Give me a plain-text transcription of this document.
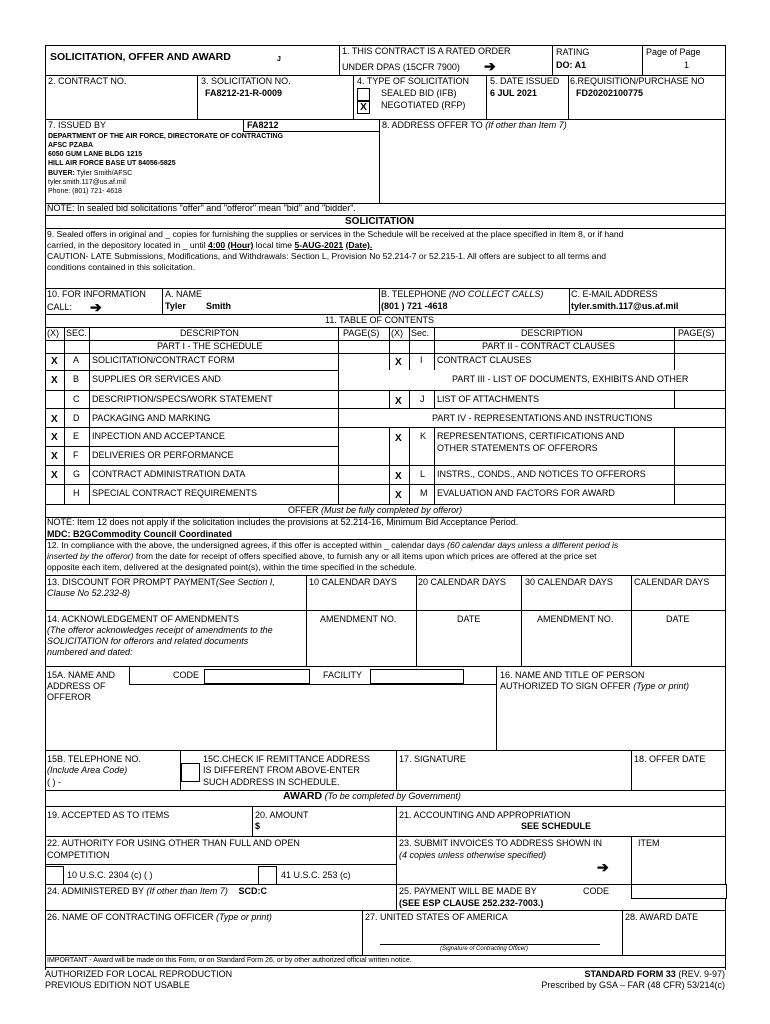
SOLICITATION, OFFER AND AWARD	J
1. THIS CONTRACT IS A RATED ORDER
UNDER DPAS (15CFR 7900) ➔
RATING
DO: A1
Page of Page
1
2. CONTRACT NO.	3. SOLICITATION NO.
FA8212-21-R-0009
4. TYPE OF SOLICITATION
SEALED BID (IFB)
X	NEGOTIATED (RFP)
5. DATE ISSUED
6 JUL 2021
6.REQUISITION/PURCHASE NO
FD20202100775
7. ISSUED BY	FA8212
DEPARTMENT OF THE AIR FORCE, DIRECTORATE OF CONTRACTING
AFSC PZABA
6050 GUM LANE BLDG 1215
HILL AIR FORCE BASE UT 84056-5825
BUYER: Tyler Smith/AFSC
tyler.smith.117@us.af.mil
Phone: (801) 721- 4618
8. ADDRESS OFFER TO (If other than Item 7)
NOTE: In sealed bid solicitations "offer" and "offeror" mean "bid" and "bidder".
SOLICITATION
9. Sealed offers in original and _ copies for furnishing the supplies or services in the Schedule will be received at the place specified in Item 8, or if hand
carried, in the depository located in _ until 4:00 (Hour) local time 5-AUG-2021 (Date).
CAUTION- LATE Submissions, Modifications, and Withdrawals: Section L, Provision No 52.214-7 or 52.215-1. All offers are subject to all terms and
conditions contained in this solicitation.
10. FOR INFORMATION
CALL: ➔
A. NAME
Tyler Smith
B. TELEPHONE (NO COLLECT CALLS)
(801 ) 721 -4618
C. E-MAIL ADDRESS
tyler.smith.117@us.af.mil
11. TABLE OF CONTENTS
(X) SEC.	DESCRIPTON	PAGE(S) (X) Sec.	DESCRIPTION	PAGE(S)
PART I - THE SCHEDULE	PART II - CONTRACT CLAUSES
X A SOLICITATION/CONTRACT FORM
X B SUPPLIES OR SERVICES AND
C DESCRIPTION/SPECS/WORK STATEMENT
X D PACKAGING AND MARKING
X E INPECTION AND ACCEPTANCE
X F DELIVERIES OR PERFORMANCE
X G CONTRACT ADMINISTRATION DATA
H SPECIAL CONTRACT REQUIREMENTS
X I CONTRACT CLAUSES
PART III - LIST OF DOCUMENTS, EXHIBITS AND OTHER
X J LIST OF ATTACHMENTS
PART IV - REPRESENTATIONS AND INSTRUCTIONS
X K REPRESENTATIONS, CERTIFICATIONS AND
OTHER STATEMENTS OF OFFERORS
X L INSTRS., CONDS., AND NOTICES TO OFFERORS
X M EVALUATION AND FACTORS FOR AWARD
OFFER (Must be fully completed by offeror)
NOTE: Item 12 does not apply if the solicitation includes the provisions at 52.214-16, Minimum Bid Acceptance Period.
MDC: B2GCommodity Council Coordinated
12. In compliance with the above, the undersigned agrees, if this offer is accepted within _ calendar days (60 calendar days unless a different period is
inserted by the offeror) from the date for receipt of offers specified above, to furnish any or all items upon which prices are offered at the price set
opposite each item, delivered at the designated point(s), within the time specified in the schedule.
13. DISCOUNT FOR PROMPT PAYMENT(See Section I,
Clause No 52.232-8)
10 CALENDAR DAYS 20 CALENDAR DAYS 30 CALENDAR DAYS CALENDAR DAYS
14. ACKNOWLEDGEMENT OF AMENDMENTS
(The offeror acknowledges receipt of amendments to the
SOLICITATION for offerors and related documents
numbered and dated:
AMENDMENT NO.	DATE	AMENDMENT NO.	DATE
15A. NAME AND
ADDRESS OF
OFFEROR
CODE	FACILITY	16. NAME AND TITLE OF PERSON
AUTHORIZED TO SIGN OFFER (Type or print)
15B. TELEPHONE NO.
(Include Area Code)
( ) -
15C.CHECK IF REMITTANCE ADDRESS
IS DIFFERENT FROM ABOVE-ENTER
SUCH ADDRESS IN SCHEDULE.
17. SIGNATURE	18. OFFER DATE
AWARD (To be completed by Government)
19. ACCEPTED AS TO ITEMS	20. AMOUNT
$
21. ACCOUNTING AND APPROPRIATION
SEE SCHEDULE
22. AUTHORITY FOR USING OTHER THAN FULL AND OPEN
COMPETITION
10 U.S.C. 2304 (c) ( )	41 U.S.C. 253 (c)
23. SUBMIT INVOICES TO ADDRESS SHOWN IN
(4 copies unless otherwise specified)
➔
ITEM
24. ADMINISTERED BY (If other than Item 7) SCD:C	25. PAYMENT WILL BE MADE BY	CODE
(SEE ESP CLAUSE 252.232-7003.)
26. NAME OF CONTRACTING OFFICER (Type or print)	27. UNITED STATES OF AMERICA
(Signature of Contracting Officer)
28. AWARD DATE
IMPORTANT - Award will be made on this Form, or on Standard Form 26, or by other authorized official written notice.
AUTHORIZED FOR LOCAL REPRODUCTION
PREVIOUS EDITION NOT USABLE
STANDARD FORM 33 (REV. 9-97)
Prescribed by GSA – FAR (48 CFR) 53/214(c)
